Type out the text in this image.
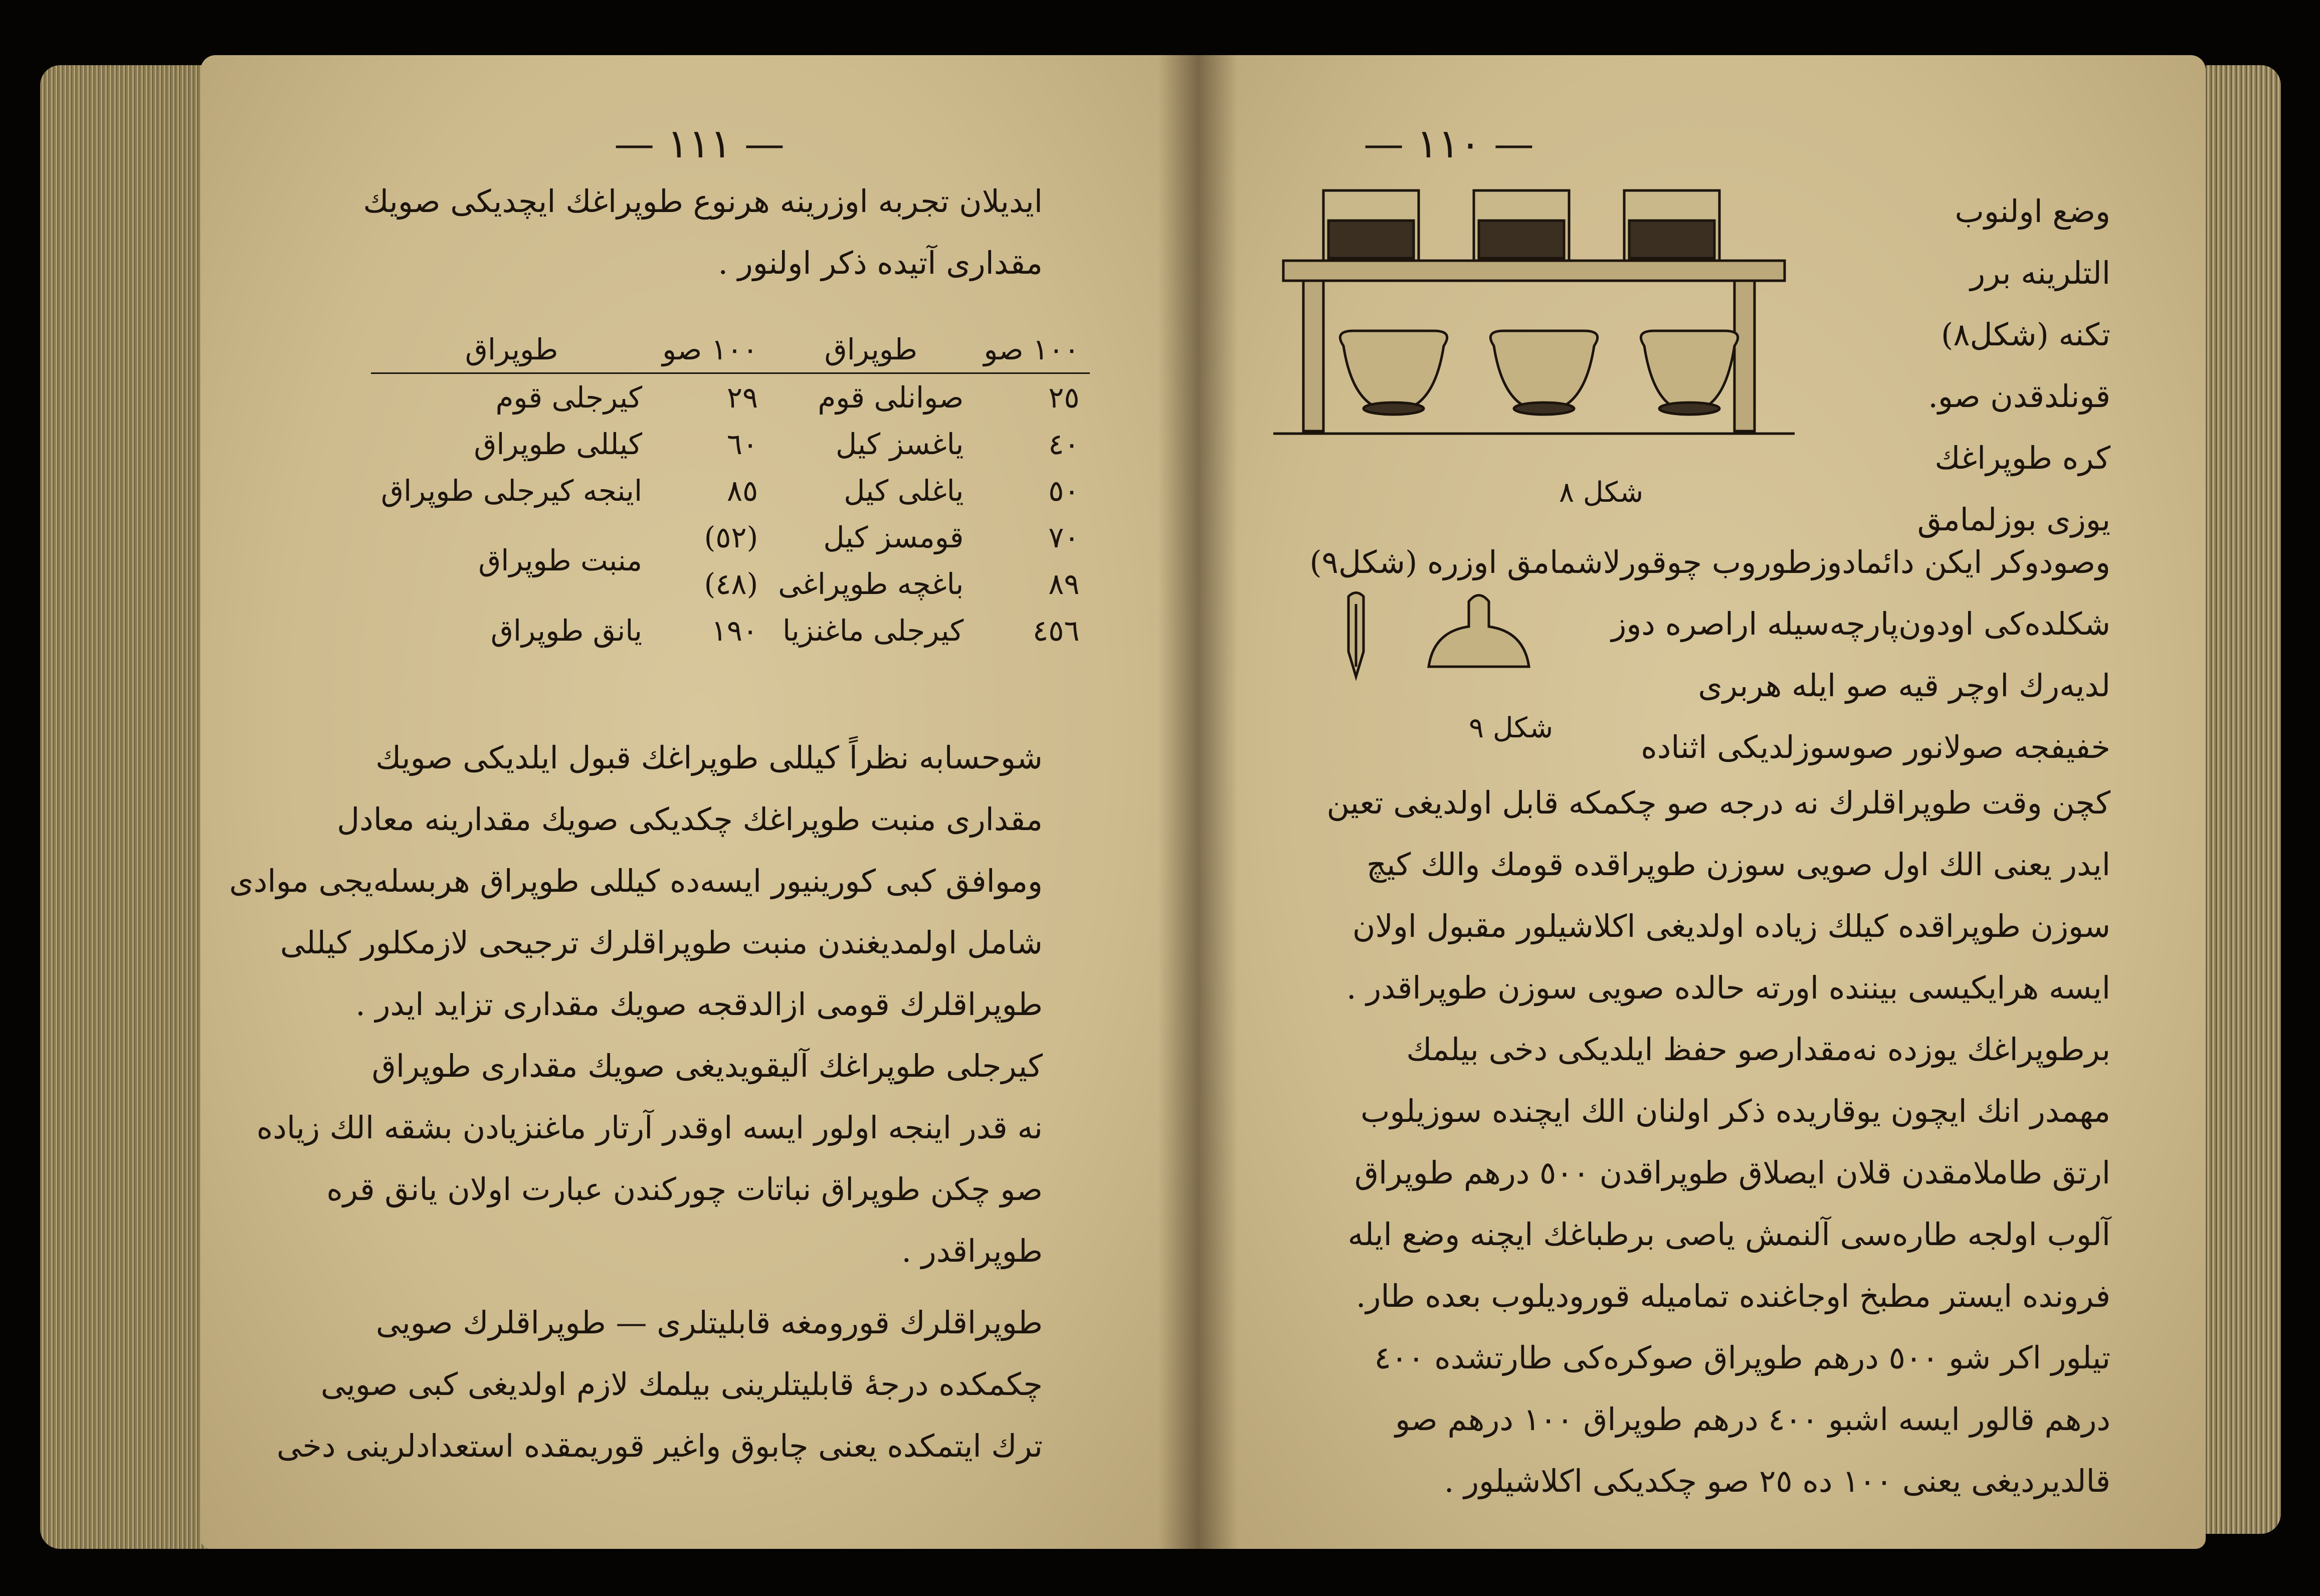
— ١١١ —
ایدیلان تجربه اوزرینه هرنوع طوپراغك ایچدیكی صویك
مقداری آتیده ذكر اولنور .
١٠٠ صو	طوپراق	١٠٠ صو	طوپراق
٢٥	صوانلی قوم	٢٩	كیرجلی قوم
٤٠	یاغسز كیل	٦٠	كیللی طوپراق
٥٠	یاغلی كیل	٨٥	اینجه كیرجلی طوپراق
٧٠	قومسز كیل	(٥٢)	منبت طوپراق
٨٩	باغچه طوپراغی	(٤٨)	
٤٥٦	كیرجلی ماغنزیا	١٩٠	یانق طوپراق
شوحسابه نظراً كیللی طوپراغك قبول ایلدیكی صویك
مقداری منبت طوپراغك چكدیكی صویك مقدارینه معادل
وموافق كبی كورینیور ایسه‌ده كیللی طوپراق هربسله‌یجی موادی
شامل اولمدیغندن منبت طوپراقلرك ترجیحی لازمكلور كیللی
طوپراقلرك قومی ازالدقجه صویك مقداری تزاید ایدر .
كیرجلی طوپراغك آلیقویدیغی صویك مقداری طوپراق
نه قدر اینجه اولور ایسه اوقدر آرتار ماغنزیادن بشقه الك زیاده
صو چكن طوپراق نباتات چوركندن عبارت اولان یانق قره
طوپراقدر .
طوپراقلرك قورومغه قابلیتلری — طوپراقلرك صویی
چكمكده درجهٔ قابلیتلرینی بیلمك لازم اولدیغی كبی صویی
ترك ایتمكده یعنی چابوق واغیر قوریمقده استعدادلرینی دخی
— ١١٠ —
شكل ٨
وضع اولنوب
التلرینه برر
تكنه (شكل٨)
قونلدقدن صو.
كره طوپراغك
یوزی بوزلمامق
وصودوكر ایكن دائمادوزطوروب چوقورلاشمامق اوزره (شكل٩)
شكل ٩
شكلده‌كی اودون‌پارچه‌سیله اراصره دوز
لدیه‌رك اوچر قیه صو ایله هربری
خفیفجه صولانور صوسوزلدیكی اثناده
كچن وقت طوپراقلرك نه درجه صو چكمكه قابل اولدیغی تعین
ایدر یعنی الك اول صویی سوزن طوپراقده قومك والك كیچ
سوزن طوپراقده كیلك زیاده اولدیغی اكلاشیلور مقبول اولان
ایسه هرایكیسی بیننده اورته حالده صویی سوزن طوپراقدر .
برطوپراغك یوزده نه‌مقدارصو حفظ ایلدیكی دخی بیلمك
مهمدر انك ایچون یوقاریده ذكر اولنان الك ایچنده سوزیلوب
ارتق طاملامقدن قلان ایصلاق طوپراقدن ٥٠٠ درهم طوپراق
آلوب اولجه طاره‌سی آلنمش یاصی برطباغك ایچنه وضع ایله
فرونده ایستر مطبخ اوجاغنده تماميله قورودیلوب بعده طار.
تیلور اكر شو ٥٠٠ درهم طوپراق صوكره‌كی طارتشده ٤٠٠
درهم قالور ایسه اشبو ٤٠٠ درهم طوپراق ١٠٠ درهم صو
قالدیردیغی یعنی ١٠٠ ده ٢٥ صو چكدیكی اكلاشیلور .
